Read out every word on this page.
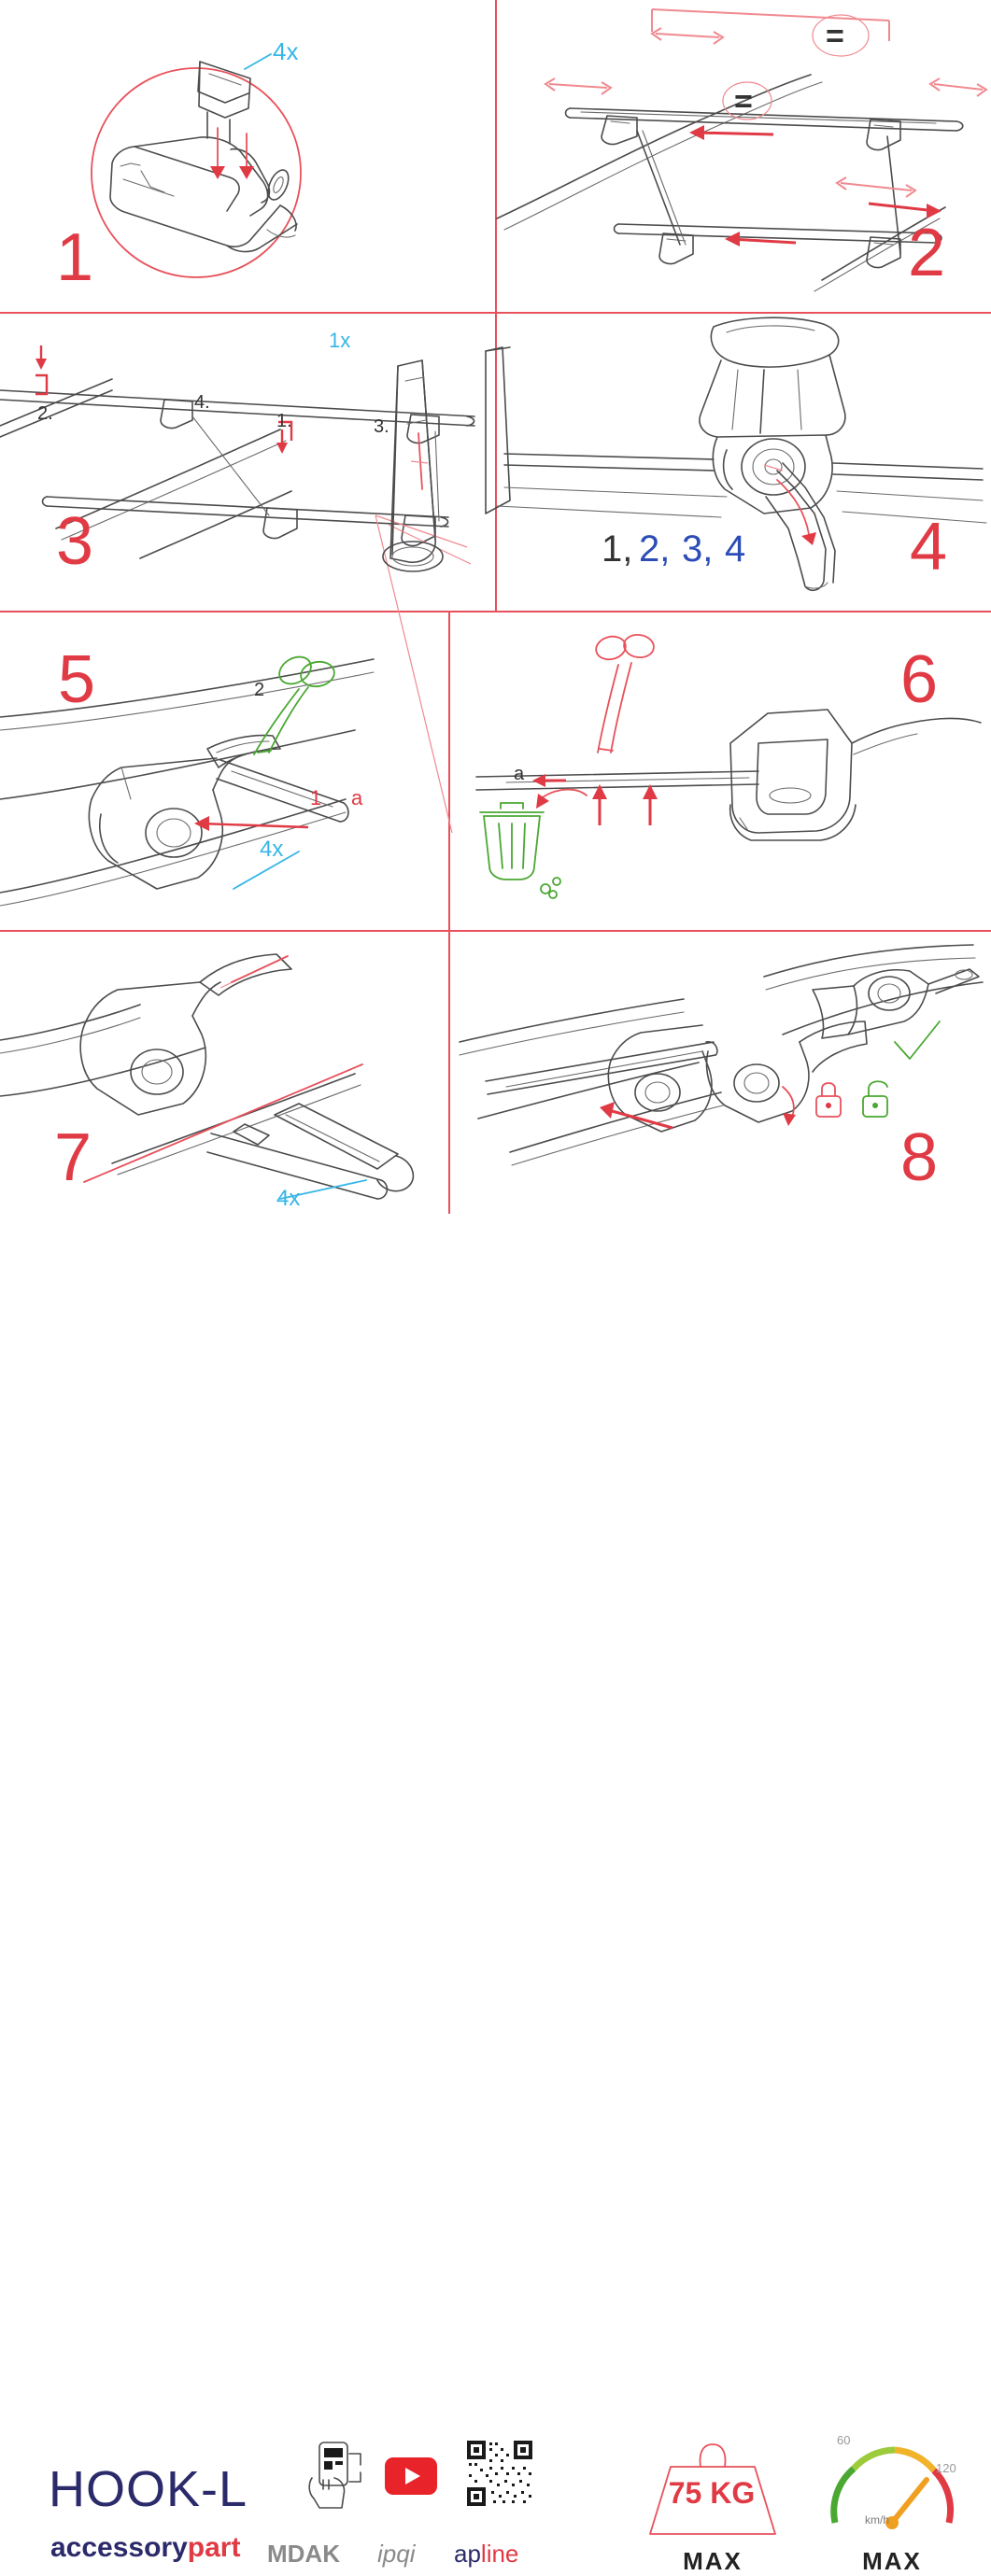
4x
1
=
=
2
1x
1.
2.
3.
4.
3	1, 2, 3, 4 4
2
1 a
4x
5
a
6
4x
7	8
HOOK-L
accessorypart MDAK ipqi apline
75 KG
MAX
60
120
km/h
MAX
